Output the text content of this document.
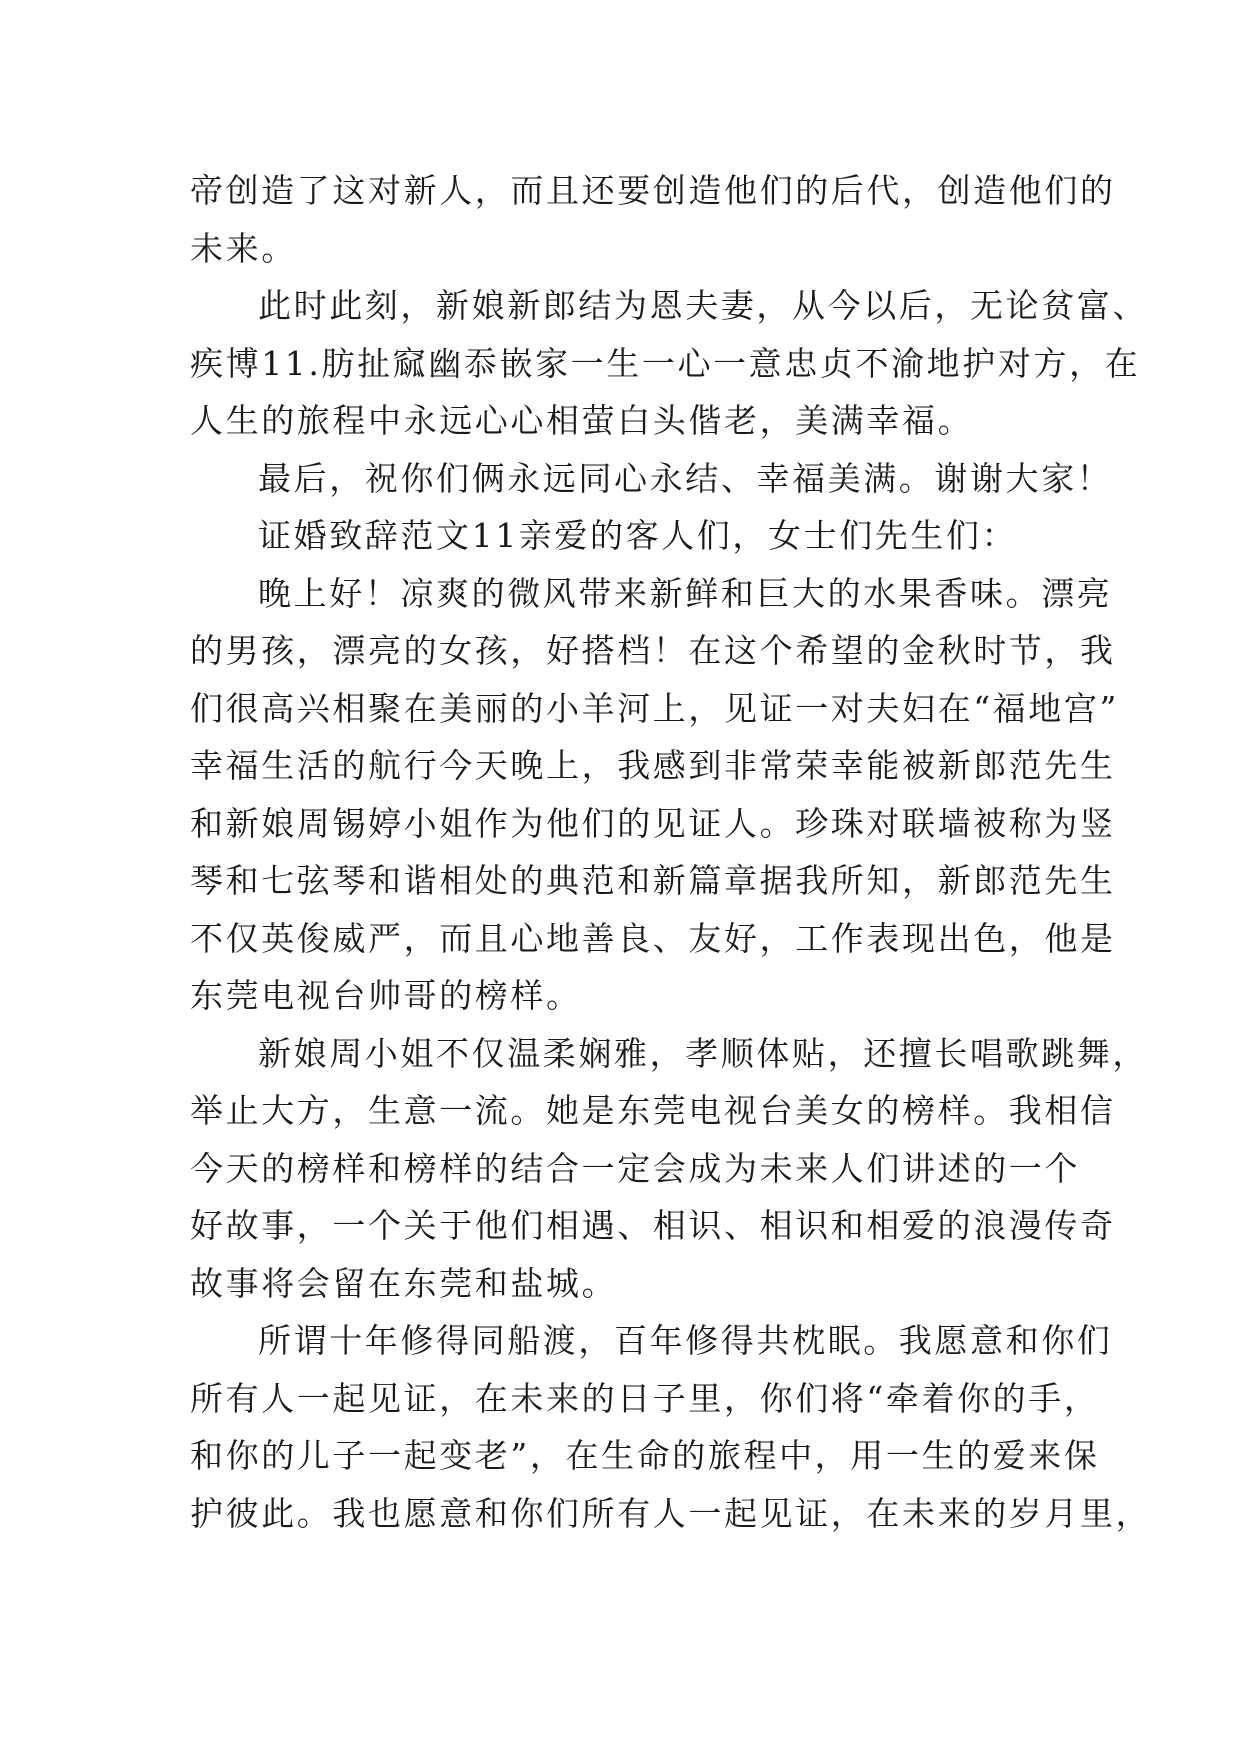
帝创造了这对新人，而且还要创造他们的后代，创造他们的
未来。
此时此刻，新娘新郎结为恩夫妻，从今以后，无论贫富、
疾博11.肪扯窳幽忝嵌家一生一心一意忠贞不渝地护对方，在
人生的旅程中永远心心相萤白头偕老，美满幸福。
最后，祝你们俩永远同心永结、幸福美满。谢谢大家！
证婚致辞范文11亲爱的客人们，女士们先生们：
晚上好！凉爽的微风带来新鲜和巨大的水果香味。漂亮
的男孩，漂亮的女孩，好搭档！在这个希望的金秋时节，我
们很高兴相聚在美丽的小羊河上，见证一对夫妇在“福地宫”
幸福生活的航行今天晚上，我感到非常荣幸能被新郎范先生
和新娘周锡婷小姐作为他们的见证人。珍珠对联墙被称为竖
琴和七弦琴和谐相处的典范和新篇章据我所知，新郎范先生
不仅英俊威严，而且心地善良、友好，工作表现出色，他是
东莞电视台帅哥的榜样。
新娘周小姐不仅温柔娴雅，孝顺体贴，还擅长唱歌跳舞，
举止大方，生意一流。她是东莞电视台美女的榜样。我相信
今天的榜样和榜样的结合一定会成为未来人们讲述的一个
好故事，一个关于他们相遇、相识、相识和相爱的浪漫传奇
故事将会留在东莞和盐城。
所谓十年修得同船渡，百年修得共枕眠。我愿意和你们
所有人一起见证，在未来的日子里，你们将“牵着你的手，
和你的儿子一起变老”，在生命的旅程中，用一生的爱来保
护彼此。我也愿意和你们所有人一起见证，在未来的岁月里，
